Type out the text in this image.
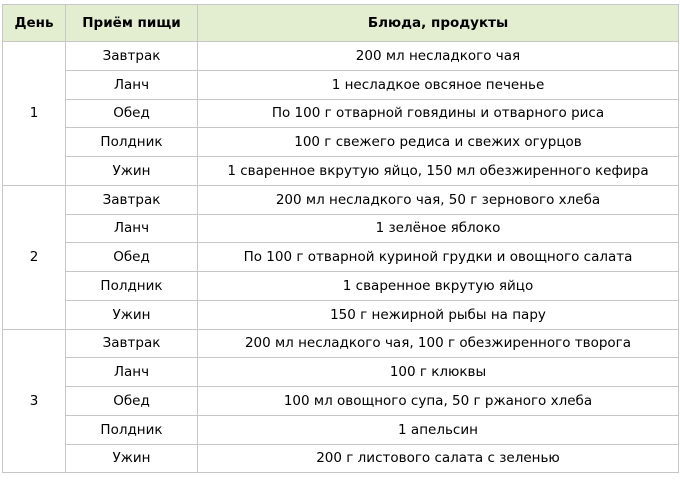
День	Приём пищи	Блюда, продукты
1	Завтрак	200 мл несладкого чая
	Ланч	1 несладкое овсяное печенье
	Обед	По 100 г отварной говядины и отварного риса
	Полдник	100 г свежего редиса и свежих огурцов
	Ужин	1 сваренное вкрутую яйцо, 150 мл обезжиренного кефира
2	Завтрак	200 мл несладкого чая, 50 г зернового хлеба
	Ланч	1 зелёное яблоко
	Обед	По 100 г отварной куриной грудки и овощного салата
	Полдник	1 сваренное вкрутую яйцо
	Ужин	150 г нежирной рыбы на пару
3	Завтрак	200 мл несладкого чая, 100 г обезжиренного творога
	Ланч	100 г клюквы
	Обед	100 мл овощного супа, 50 г ржаного хлеба
	Полдник	1 апельсин
	Ужин	200 г листового салата с зеленью
